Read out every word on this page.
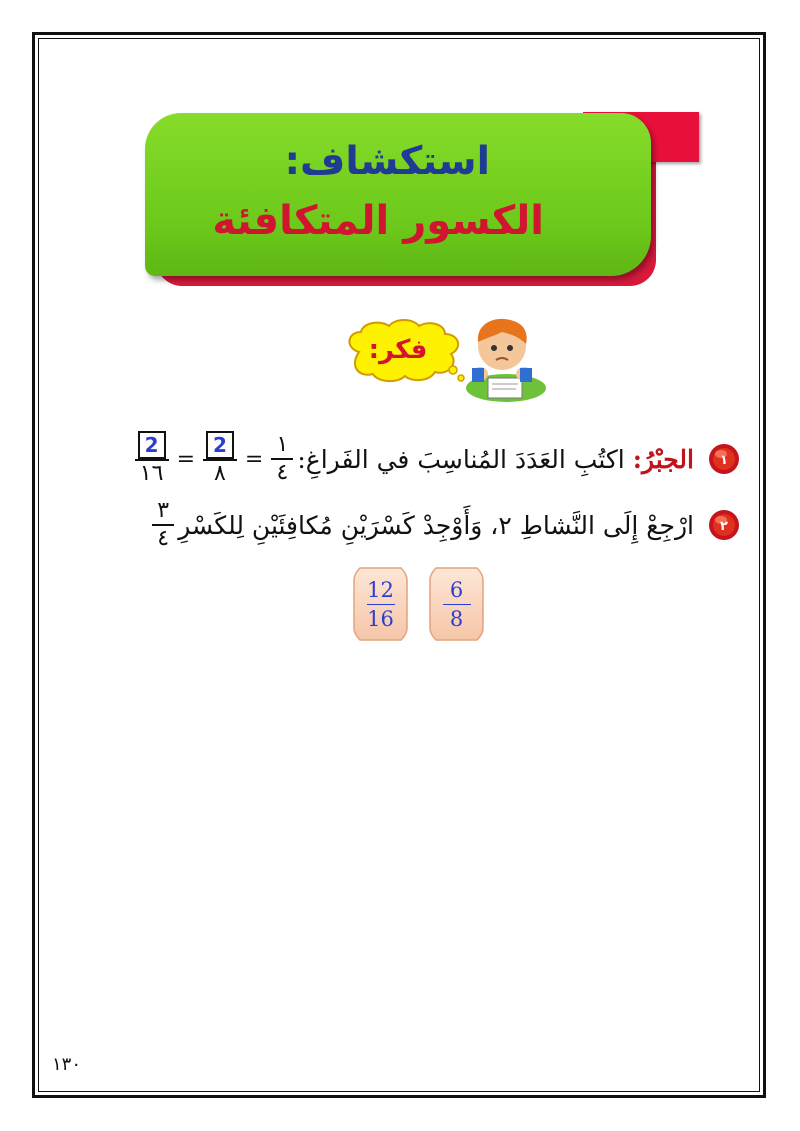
استكشاف:
الكسور المتكافئة
فكر:
١
الجبْرُ:
اكتُبِ العَدَدَ المُناسِبَ في الفَراغِ:
$\frac{١}{٤}$
=
$\frac{2}{٨}$
=
$\frac{2}{١٦}$
٢
ارْجِعْ إِلَى النَّشاطِ ٢، وَأَوْجِدْ كَسْرَيْنِ مُكافِئَيْنِ لِلكَسْرِ
$\frac{٣}{٤}$
6
8
12
16
١٣٠
